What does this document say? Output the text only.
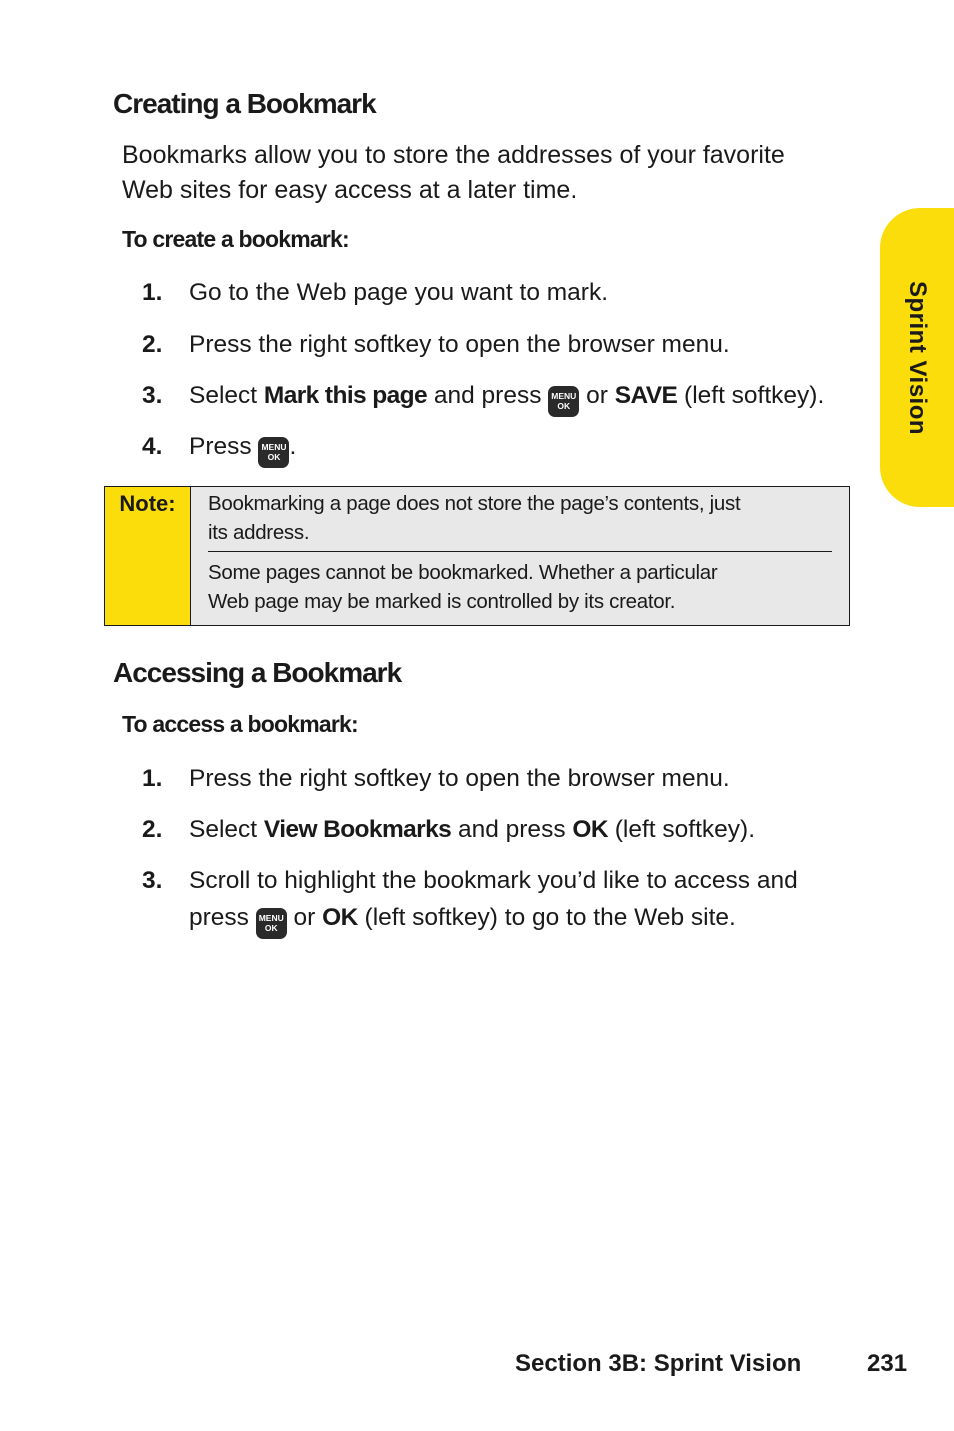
Sprint Vision
Creating a Bookmark
Bookmarks allow you to store the addresses of your favorite
Web sites for easy access at a later time.
To create a bookmark:
1. Go to the Web page you want to mark.
2. Press the right softkey to open the browser menu.
3. Select Mark this page and press MENU
OK or SAVE (left softkey).
4. Press MENU
OK .
Note:	Bookmarking a page does not store the page’s contents, just
its address.
Some pages cannot be bookmarked. Whether a particular
Web page may be marked is controlled by its creator.
Accessing a Bookmark
To access a bookmark:
1. Press the right softkey to open the browser menu.
2. Select View Bookmarks and press OK (left softkey).
3. Scroll to highlight the bookmark you’d like to access and
press MENU
OK or OK (left softkey) to go to the Web site.
Section 3B: Sprint Vision	231
